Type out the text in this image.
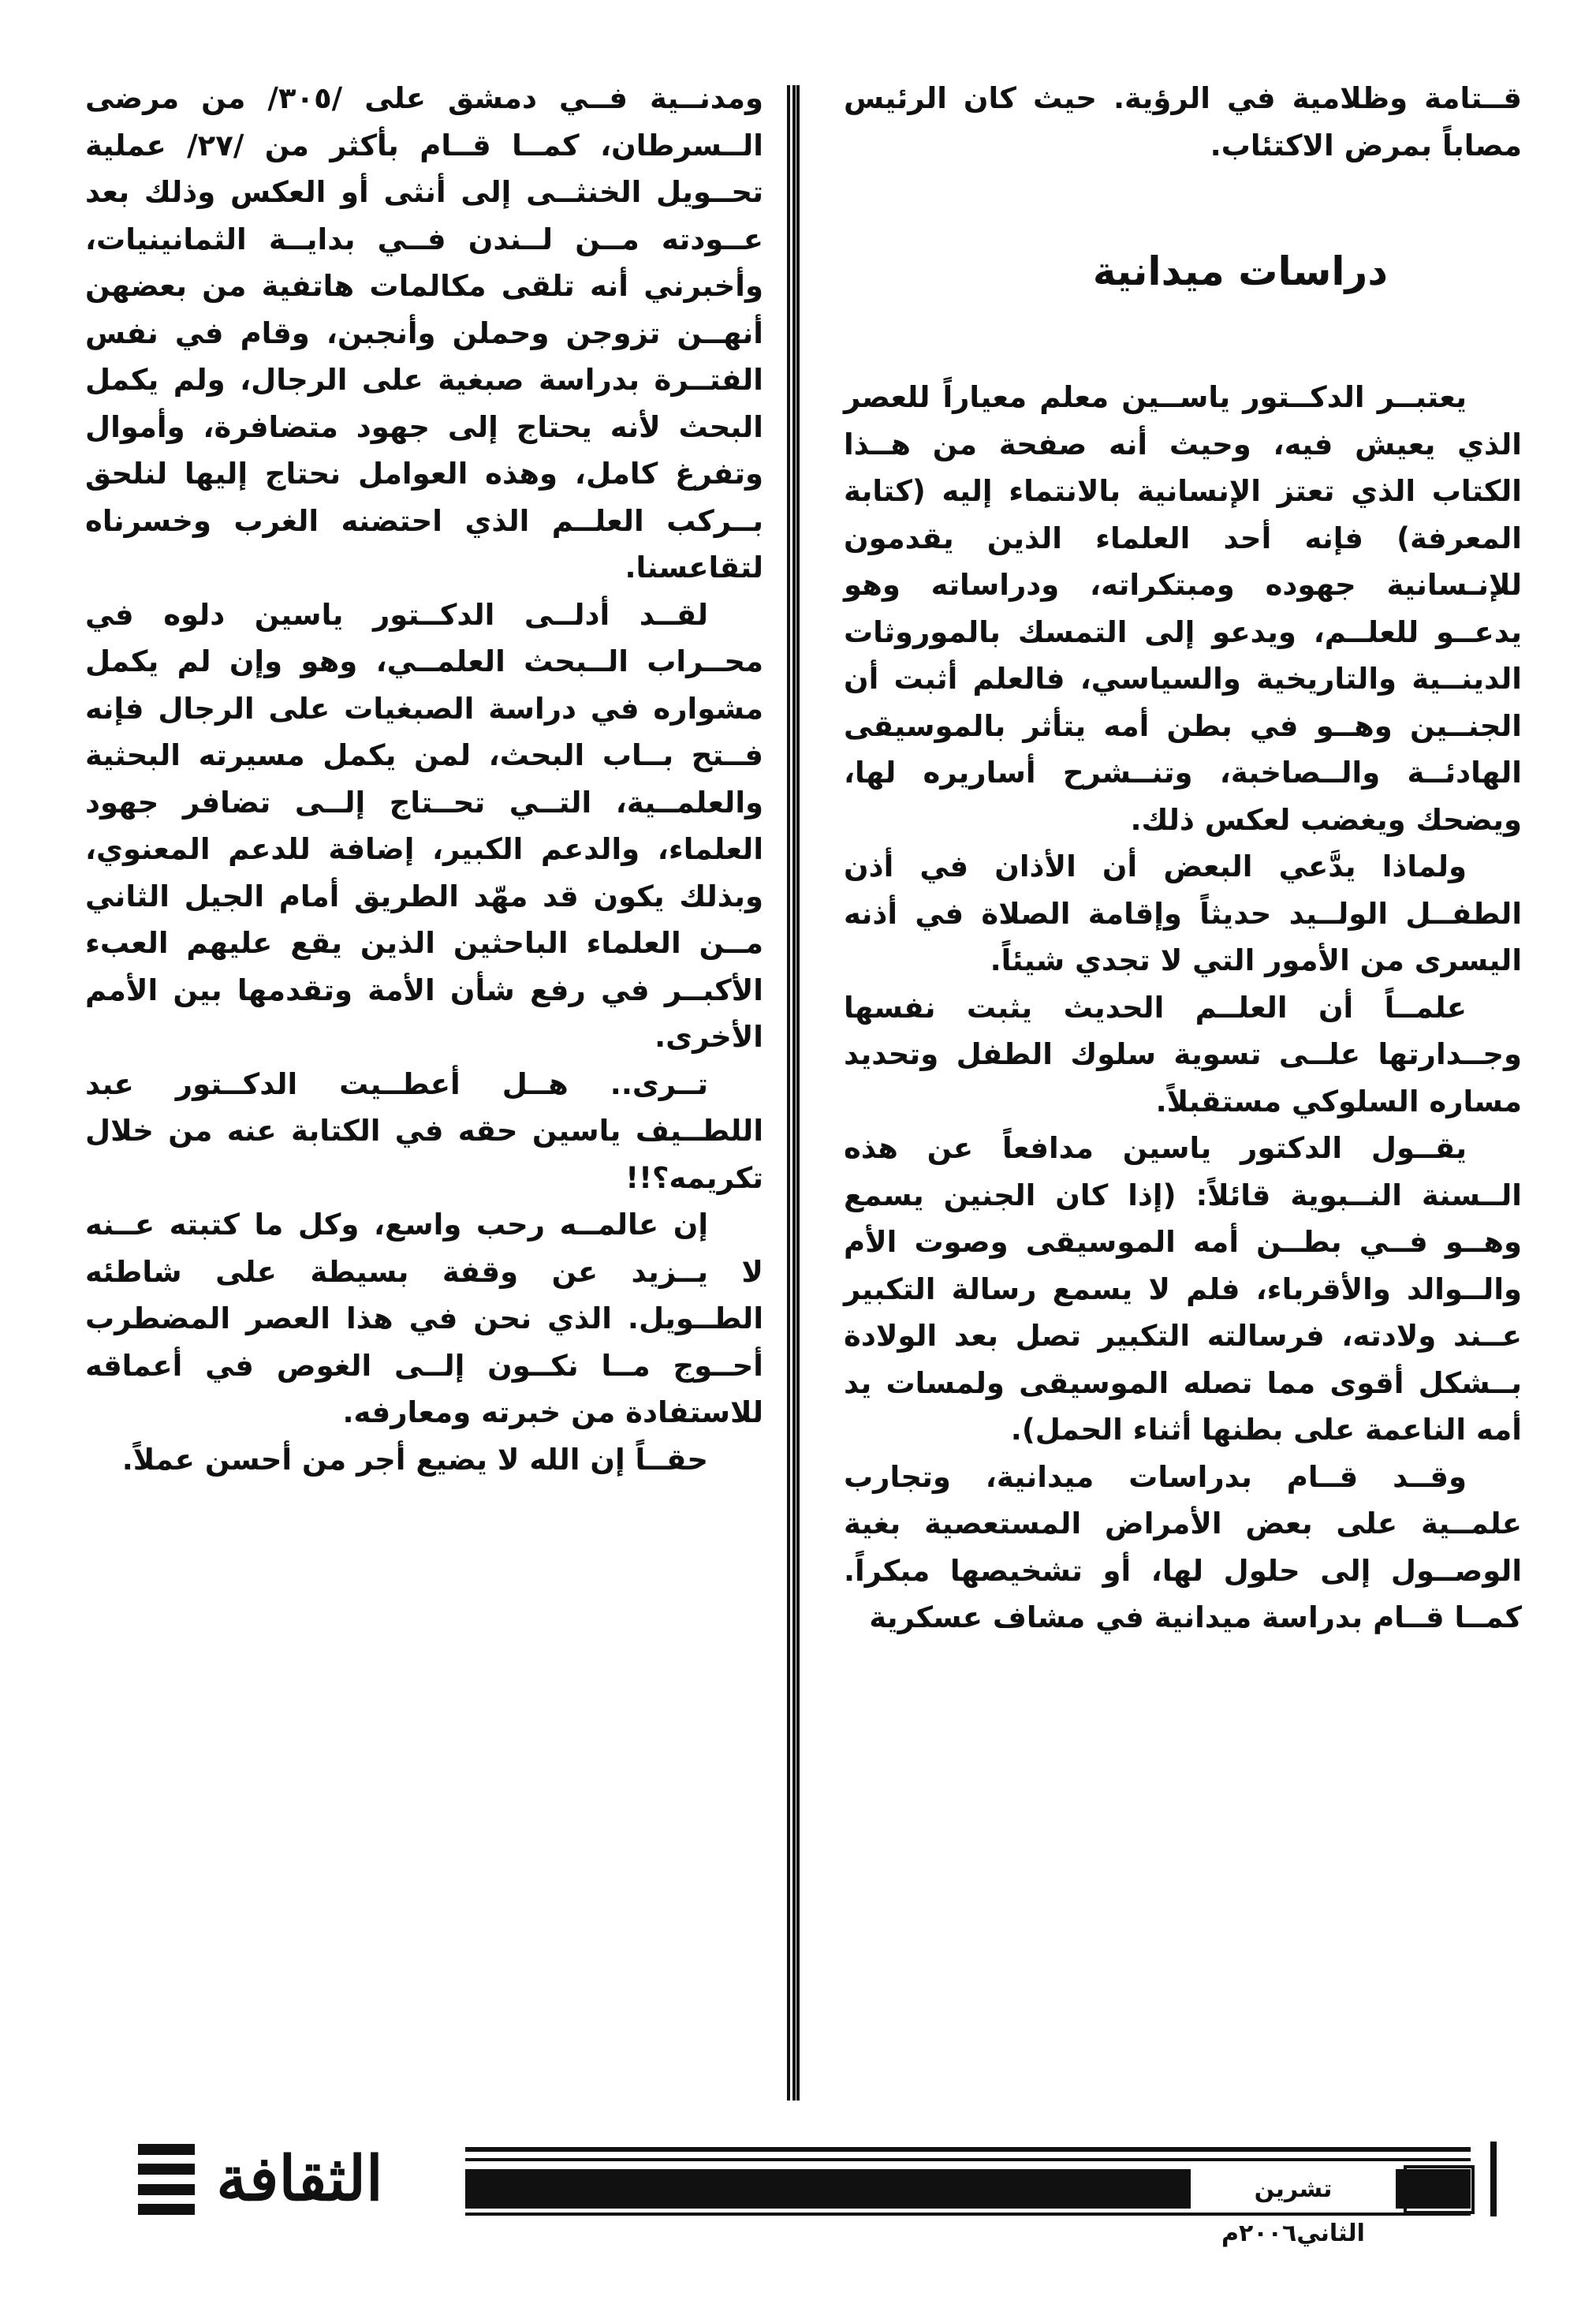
قــتامة وظلامية في الرؤية. حيث كان الرئيس مصاباً بمرض الاكتئاب.

دراسات ميدانية

يعتبــر الدكــتور ياســين معلم معياراً للعصر الذي يعيش فيه، وحيث أنه صفحة من هــذا الكتاب الذي تعتز الإنسانية بالانتماء إليه (كتابة المعرفة) فإنه أحد العلماء الذين يقدمون للإنـسانية جهوده ومبتكراته، ودراساته وهو يدعــو للعلــم، ويدعو إلى التمسك بالموروثات الدينــية والتاريخية والسياسي، فالعلم أثبت أن الجنــين وهــو في بطن أمه يتأثر بالموسيقى الهادئــة والــصاخبة، وتنــشرح أساريره لها، ويضحك ويغضب لعكس ذلك.

ولماذا يدَّعي البعض أن الأذان في أذن الطفــل الولــيد حديثاً وإقامة الصلاة في أذنه اليسرى من الأمور التي لا تجدي شيئاً.

علمــاً أن العلــم الحديث يثبت نفسها وجــدارتها علــى تسوية سلوك الطفل وتحديد مساره السلوكي مستقبلاً.

يقــول الدكتور ياسين مدافعاً عن هذه الــسنة النــبوية قائلاً: (إذا كان الجنين يسمع وهــو فــي بطــن أمه الموسيقى وصوت الأم والــوالد والأقرباء، فلم لا يسمع رسالة التكبير عــند ولادته، فرسالته التكبير تصل بعد الولادة بــشكل أقوى مما تصله الموسيقى ولمسات يد أمه الناعمة على بطنها أثناء الحمل).

وقــد قــام بدراسات ميدانية، وتجارب علمــية على بعض الأمراض المستعصية بغية الوصــول إلى حلول لها، أو تشخيصها مبكراً. كمــا قــام بدراسة ميدانية في مشاف عسكرية

ومدنــية فــي دمشق على /٣٠٥/ من مرضى الــسرطان، كمــا قــام بأكثر من /٢٧/ عملية تحــويل الخنثــى إلى أنثى أو العكس وذلك بعد عــودته مــن لــندن فــي بدايــة الثمانينيات، وأخبرني أنه تلقى مكالمات هاتفية من بعضهن أنهــن تزوجن وحملن وأنجبن، وقام في نفس الفتــرة بدراسة صبغية على الرجال، ولم يكمل البحث لأنه يحتاج إلى جهود متضافرة، وأموال وتفرغ كامل، وهذه العوامل نحتاج إليها لنلحق بــركب العلــم الذي احتضنه الغرب وخسرناه لتقاعسنا.

لقــد أدلــى الدكــتور ياسين دلوه في محــراب الــبحث العلمــي، وهو وإن لم يكمل مشواره في دراسة الصبغيات على الرجال فإنه فــتح بــاب البحث، لمن يكمل مسيرته البحثية والعلمــية، التــي تحــتاج إلــى تضافر جهود العلماء، والدعم الكبير، إضافة للدعم المعنوي، وبذلك يكون قد مهّد الطريق أمام الجيل الثاني مــن العلماء الباحثين الذين يقع عليهم العبء الأكبــر في رفع شأن الأمة وتقدمها بين الأمم الأخرى.

تــرى.. هــل أعطــيت الدكــتور عبد اللطــيف ياسين حقه في الكتابة عنه من خلال تكريمه؟!!

إن عالمــه رحب واسع، وكل ما كتبته عــنه لا يــزيد عن وقفة بسيطة على شاطئه الطــويل. الذي نحن في هذا العصر المضطرب أحــوج مــا نكــون إلــى الغوص في أعماقه للاستفادة من خبرته ومعارفه.

حقــاً إن الله لا يضيع أجر من أحسن عملاً.

الثقافة	تشرين الثاني٢٠٠٦م
٥٦
